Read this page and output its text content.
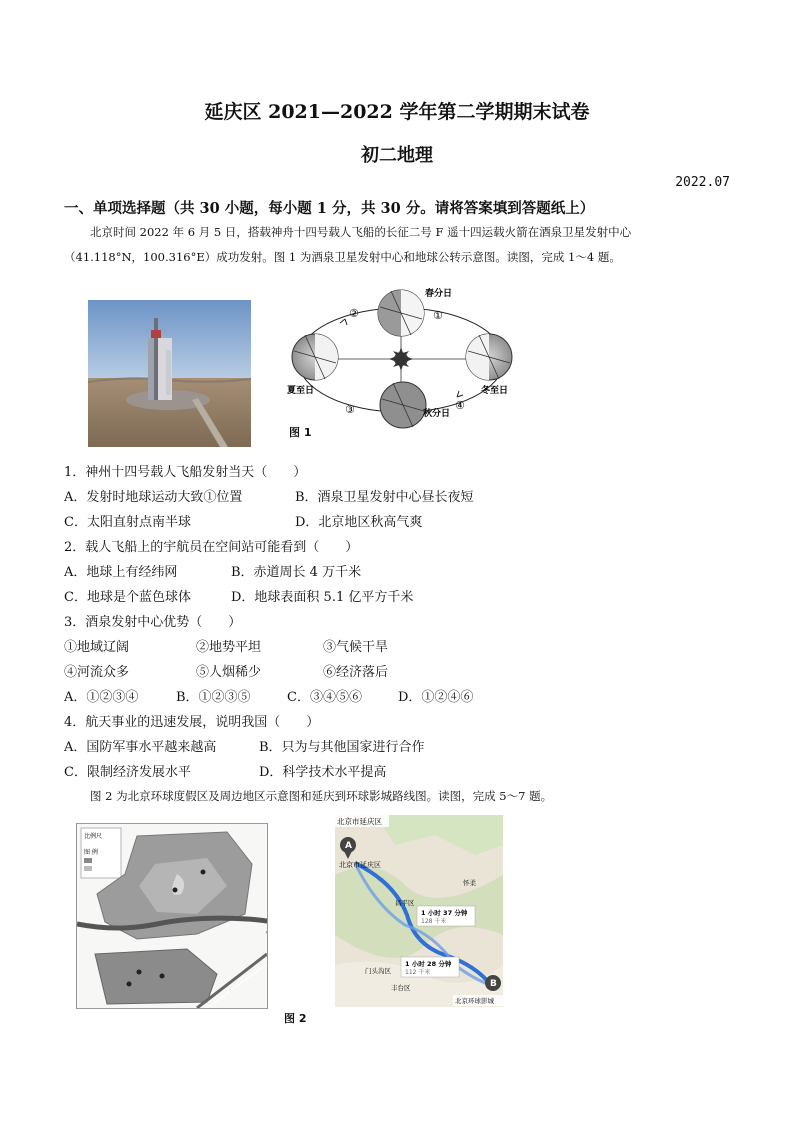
延庆区 2021—2022 学年第二学期期末试卷
初二地理
2022.07
一、单项选择题（共 30 小题，每小题 1 分，共 30 分。请将答案填到答题纸上）
北京时间 2022 年 6 月 5 日，搭载神舟十四号载人飞船的长征二号 F 遥十四运载火箭在酒泉卫星发射中心
（41.118°N，100.316°E）成功发射。图 1 为酒泉卫星发射中心和地球公转示意图。读图，完成 1～4 题。
①
②
③	④
春分日
夏至日
秋分日
冬至日
图 1
1．神州十四号载人飞船发射当天（　　）
A．发射时地球运动大致①位置	B．酒泉卫星发射中心昼长夜短
C．太阳直射点南半球	D．北京地区秋高气爽
2．载人飞船上的宇航员在空间站可能看到（　　）
A．地球上有经纬网	B．赤道周长 4 万千米
C．地球是个蓝色球体	D．地球表面积 5.1 亿平方千米
3．酒泉发射中心优势（　　）
①地域辽阔	②地势平坦	③气候干旱
④河流众多	⑤人烟稀少	⑥经济落后
A．①②③④	B．①②③⑤	C．③④⑤⑥	D．①②④⑥
4．航天事业的迅速发展，说明我国（　　）
A．国防军事水平越来越高	B．只为与其他国家进行合作
C．限制经济发展水平	D．科学技术水平提高
图 2 为北京环球度假区及周边地区示意图和延庆到环球影城路线图。读图，完成 5～7 题。
比例尺
图 例
北京市延庆区
A
北京市延庆区
1 小时 37 分钟
128 千米
1 小时 28 分钟
112 千米
昌平区
怀柔
门头沟区
丰台区	B
北京环球影城
图 2
